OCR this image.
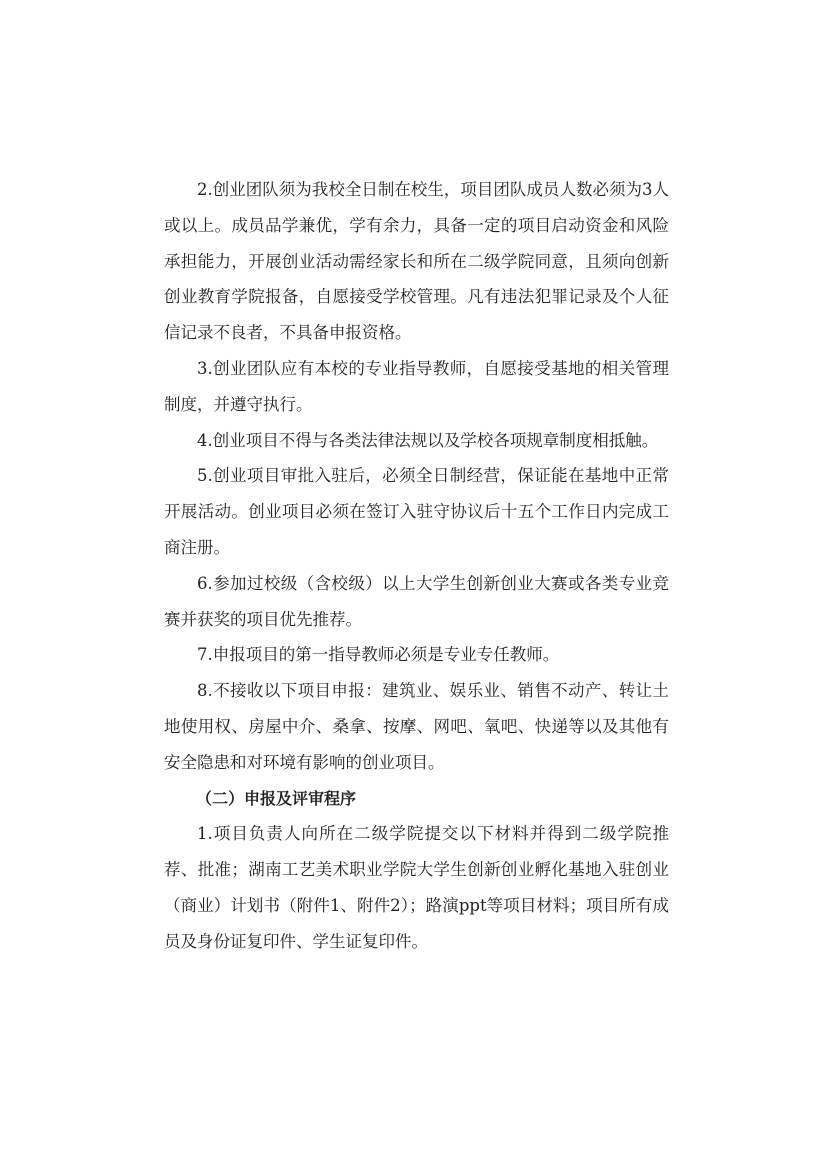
2.创业团队须为我校全日制在校生，项目团队成员人数必须为3人或以上。成员品学兼优，学有余力，具备一定的项目启动资金和风险承担能力，开展创业活动需经家长和所在二级学院同意，且须向创新创业教育学院报备，自愿接受学校管理。凡有违法犯罪记录及个人征信记录不良者，不具备申报资格。

3.创业团队应有本校的专业指导教师，自愿接受基地的相关管理制度，并遵守执行。

4.创业项目不得与各类法律法规以及学校各项规章制度相抵触。

5.创业项目审批入驻后，必须全日制经营，保证能在基地中正常开展活动。创业项目必须在签订入驻守协议后十五个工作日内完成工商注册。

6.参加过校级（含校级）以上大学生创新创业大赛或各类专业竞赛并获奖的项目优先推荐。

7.申报项目的第一指导教师必须是专业专任教师。

8.不接收以下项目申报：建筑业、娱乐业、销售不动产、转让土地使用权、房屋中介、桑拿、按摩、网吧、氧吧、快递等以及其他有安全隐患和对环境有影响的创业项目。

（二）申报及评审程序

1.项目负责人向所在二级学院提交以下材料并得到二级学院推荐、批准；湖南工艺美术职业学院大学生创新创业孵化基地入驻创业（商业）计划书（附件1、附件2）；路演ppt等项目材料；项目所有成员及身份证复印件、学生证复印件。
